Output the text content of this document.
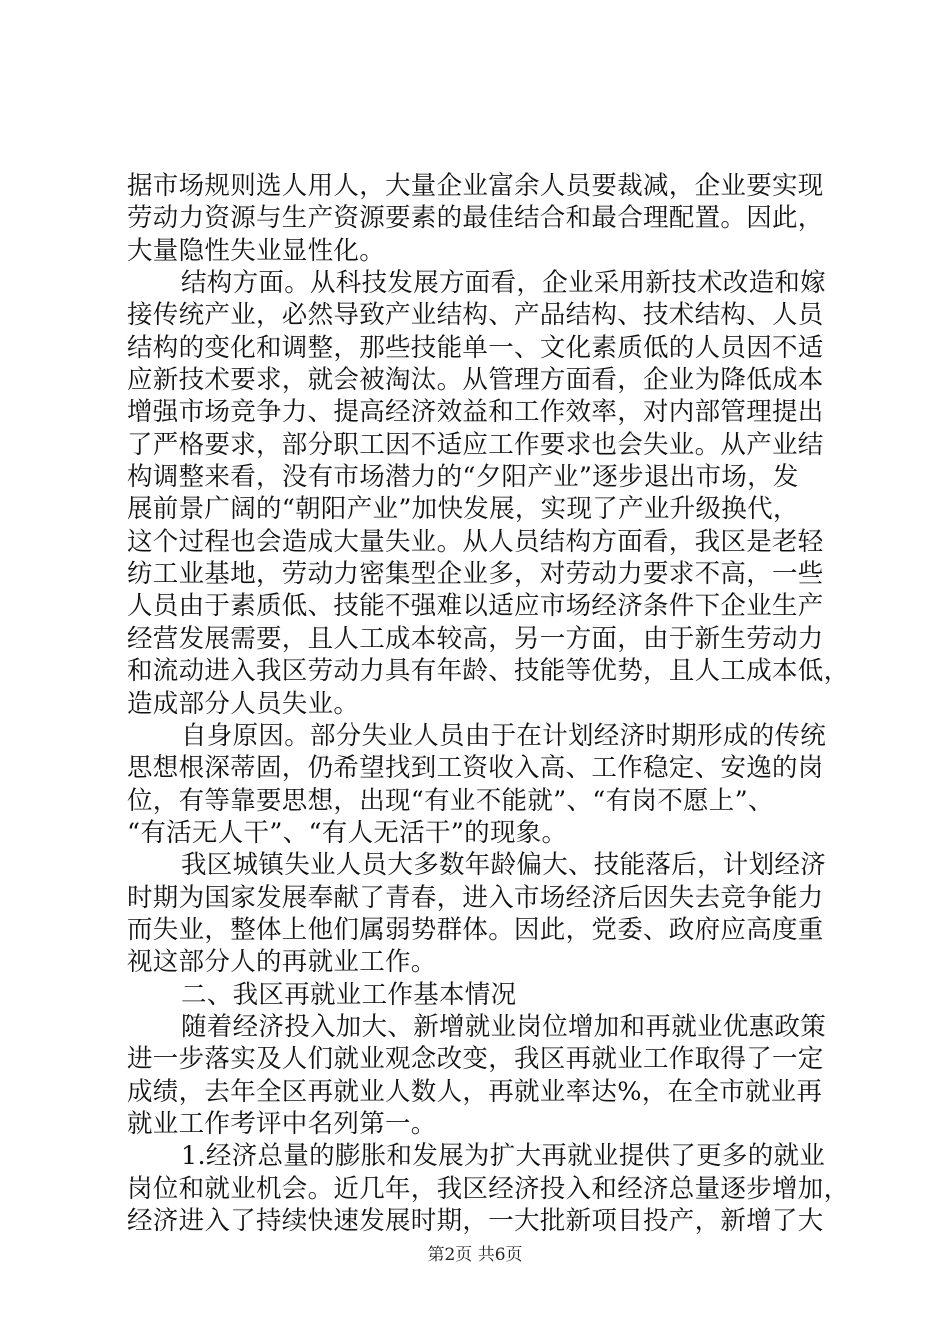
据市场规则选人用人，大量企业富余人员要裁减，企业要实现
劳动力资源与生产资源要素的最佳结合和最合理配置。因此，
大量隐性失业显性化。
结构方面。从科技发展方面看，企业采用新技术改造和嫁
接传统产业，必然导致产业结构、产品结构、技术结构、人员
结构的变化和调整，那些技能单一、文化素质低的人员因不适
应新技术要求，就会被淘汰。从管理方面看，企业为降低成本
增强市场竞争力、提高经济效益和工作效率，对内部管理提出
了严格要求，部分职工因不适应工作要求也会失业。从产业结
构调整来看，没有市场潜力的“夕阳产业”逐步退出市场，发
展前景广阔的“朝阳产业”加快发展，实现了产业升级换代，
这个过程也会造成大量失业。从人员结构方面看，我区是老轻
纺工业基地，劳动力密集型企业多，对劳动力要求不高，一些
人员由于素质低、技能不强难以适应市场经济条件下企业生产
经营发展需要，且人工成本较高，另一方面，由于新生劳动力
和流动进入我区劳动力具有年龄、技能等优势，且人工成本低，
造成部分人员失业。
自身原因。部分失业人员由于在计划经济时期形成的传统
思想根深蒂固，仍希望找到工资收入高、工作稳定、安逸的岗
位，有等靠要思想，出现“有业不能就”、“有岗不愿上”、
“有活无人干”、“有人无活干”的现象。
我区城镇失业人员大多数年龄偏大、技能落后，计划经济
时期为国家发展奉献了青春，进入市场经济后因失去竞争能力
而失业，整体上他们属弱势群体。因此，党委、政府应高度重
视这部分人的再就业工作。
二、我区再就业工作基本情况
随着经济投入加大、新增就业岗位增加和再就业优惠政策
进一步落实及人们就业观念改变，我区再就业工作取得了一定
成绩，去年全区再就业人数人，再就业率达%，在全市就业再
就业工作考评中名列第一。
1.经济总量的膨胀和发展为扩大再就业提供了更多的就业
岗位和就业机会。近几年，我区经济投入和经济总量逐步增加，
经济进入了持续快速发展时期，一大批新项目投产，新增了大
第2页 共6页
